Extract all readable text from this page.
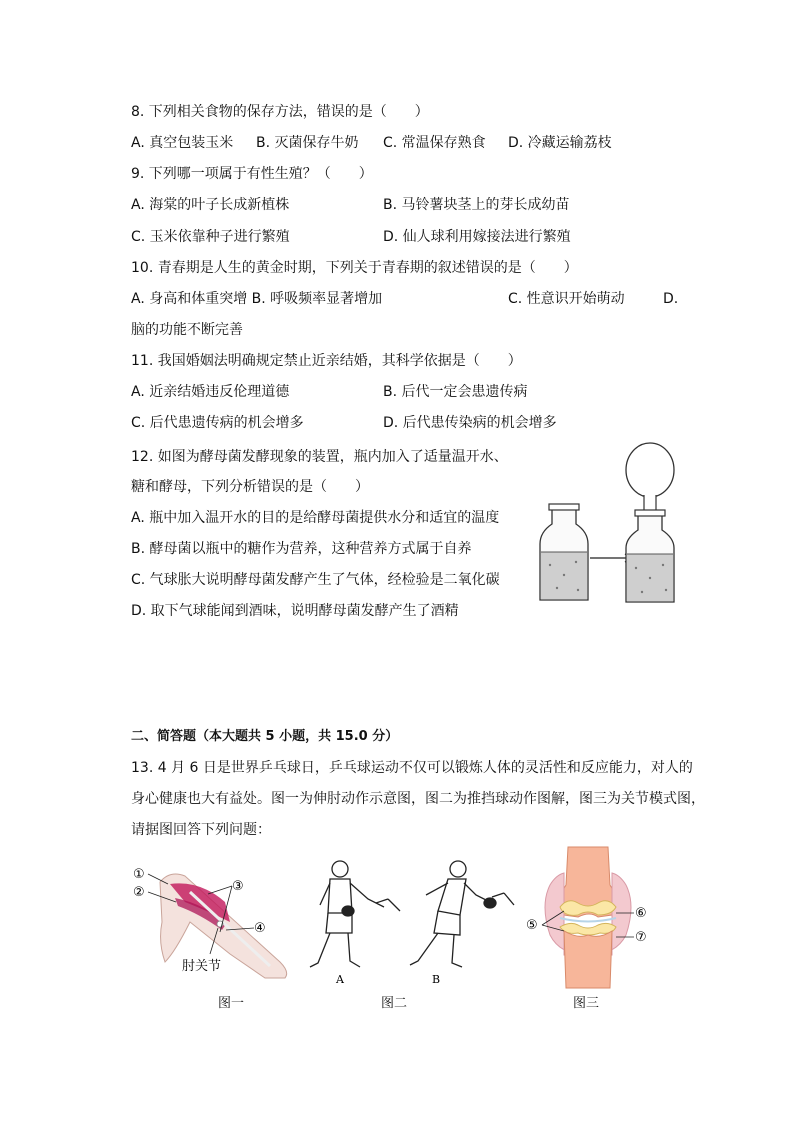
8. 下列相关食物的保存方法，错误的是（　　）
A. 真空包装玉米 B. 灭菌保存牛奶 C. 常温保存熟食 D. 冷藏运输荔枝
9. 下列哪一项属于有性生殖？（　　）
A. 海棠的叶子长成新植株	B. 马铃薯块茎上的芽长成幼苗
C. 玉米依靠种子进行繁殖	D. 仙人球利用嫁接法进行繁殖
10. 青春期是人生的黄金时期，下列关于青春期的叙述错误的是（　　）
A. 身高和体重突增 B. 呼吸频率显著增加	C. 性意识开始萌动	D.
脑的功能不断完善
11. 我国婚姻法明确规定禁止近亲结婚，其科学依据是（　　）
A. 近亲结婚违反伦理道德	B. 后代一定会患遗传病
C. 后代患遗传病的机会增多	D. 后代患传染病的机会增多
12. 如图为酵母菌发酵现象的装置，瓶内加入了适量温开水、
糖和酵母，下列分析错误的是（　　）
A. 瓶中加入温开水的目的是给酵母菌提供水分和适宜的温度
B. 酵母菌以瓶中的糖作为营养，这种营养方式属于自养
C. 气球胀大说明酵母菌发酵产生了气体，经检验是二氧化碳
D. 取下气球能闻到酒味，说明酵母菌发酵产生了酒精
二、简答题（本大题共 5 小题，共 15.0 分）
13. 4 月 6 日是世界乒乓球日，乒乓球运动不仅可以锻炼人体的灵活性和反应能力，对人的
身心健康也大有益处。图一为伸肘动作示意图，图二为推挡球动作图解，图三为关节模式图，
请据图回答下列问题：
①
②	③
④
肘关节
图一
A	B
图二
⑤
⑥
⑦
图三
